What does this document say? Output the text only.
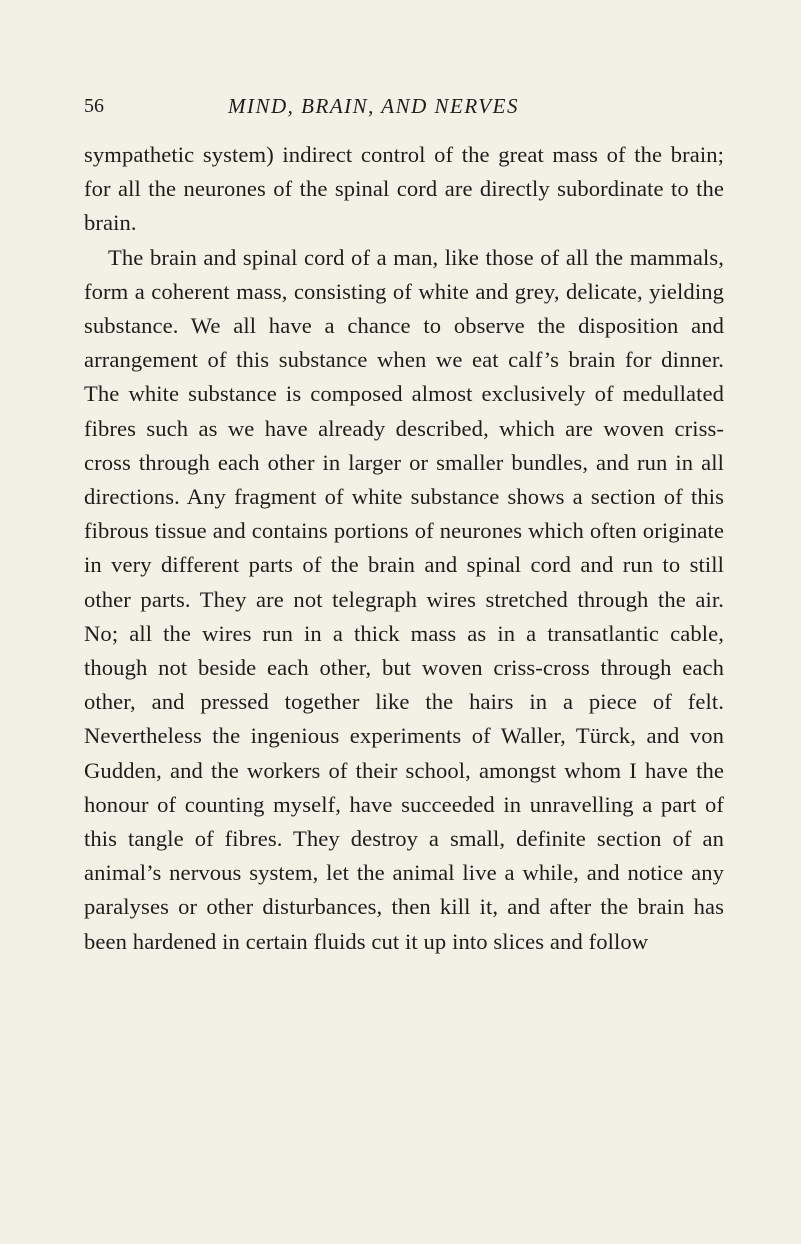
56	MIND, BRAIN, AND NERVES

sympathetic system) indirect control of the great mass of the brain; for all the neurones of the spinal cord are directly subordinate to the brain.

The brain and spinal cord of a man, like those of all the mammals, form a coherent mass, consisting of white and grey, delicate, yielding substance. We all have a chance to observe the disposition and arrangement of this substance when we eat calf’s brain for dinner. The white substance is composed almost exclusively of medullated fibres such as we have already described, which are woven criss-cross through each other in larger or smaller bundles, and run in all directions. Any fragment of white substance shows a section of this fibrous tissue and contains portions of neurones which often originate in very different parts of the brain and spinal cord and run to still other parts. They are not telegraph wires stretched through the air. No; all the wires run in a thick mass as in a transatlantic cable, though not beside each other, but woven criss-cross through each other, and pressed together like the hairs in a piece of felt. Nevertheless the ingenious experiments of Waller, Türck, and von Gudden, and the workers of their school, amongst whom I have the honour of counting myself, have succeeded in unravelling a part of this tangle of fibres. They destroy a small, definite section of an animal’s nervous system, let the animal live a while, and notice any paralyses or other disturbances, then kill it, and after the brain has been hardened in certain fluids cut it up into slices and follow
